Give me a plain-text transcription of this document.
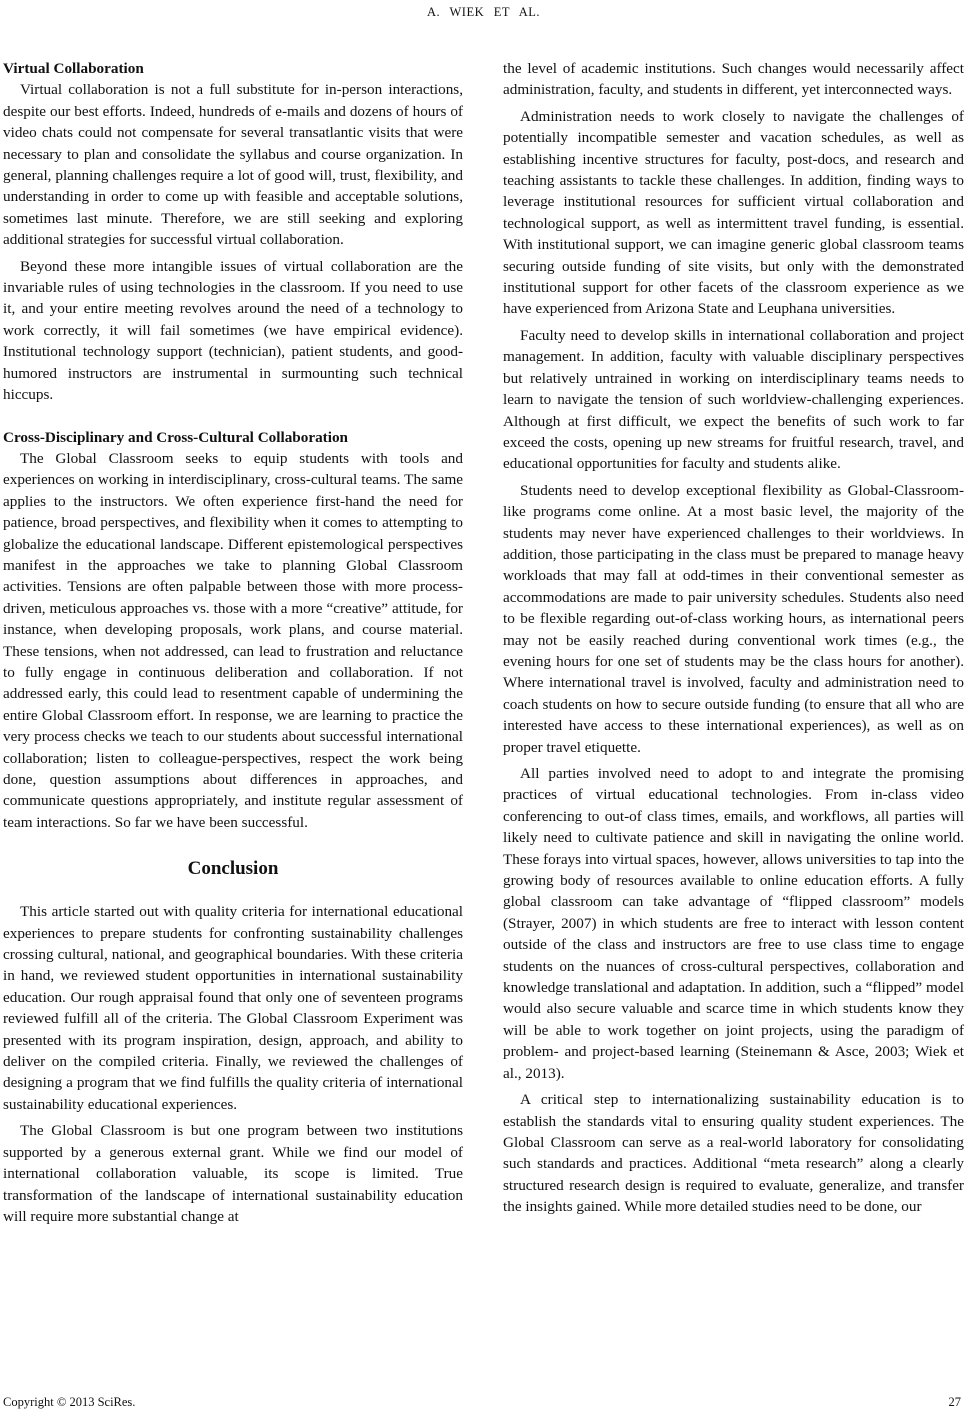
A. WIEK ET AL.
Virtual Collaboration

Virtual collaboration is not a full substitute for in-person interactions, despite our best efforts. Indeed, hundreds of e-mails and dozens of hours of video chats could not compensate for several transatlantic visits that were necessary to plan and consolidate the syllabus and course organization. In general, planning challenges require a lot of good will, trust, flexibility, and understanding in order to come up with feasible and acceptable solutions, sometimes last minute. Therefore, we are still seeking and exploring additional strategies for successful virtual collaboration.

Beyond these more intangible issues of virtual collaboration are the invariable rules of using technologies in the classroom. If you need to use it, and your entire meeting revolves around the need of a technology to work correctly, it will fail sometimes (we have empirical evidence). Institutional technology support (technician), patient students, and good-humored instructors are instrumental in surmounting such technical hiccups.

Cross-Disciplinary and Cross-Cultural Collaboration

The Global Classroom seeks to equip students with tools and experiences on working in interdisciplinary, cross-cultural teams. The same applies to the instructors. We often experience first-hand the need for patience, broad perspectives, and flexibility when it comes to attempting to globalize the educational landscape. Different epistemological perspectives manifest in the approaches we take to planning Global Classroom activities. Tensions are often palpable between those with more process-driven, meticulous approaches vs. those with a more “creative” attitude, for instance, when developing proposals, work plans, and course material. These tensions, when not addressed, can lead to frustration and reluctance to fully engage in continuous deliberation and collaboration. If not addressed early, this could lead to resentment capable of undermining the entire Global Classroom effort. In response, we are learning to practice the very process checks we teach to our students about successful international collaboration; listen to colleague-perspectives, respect the work being done, question assumptions about differences in approaches, and communicate questions appropriately, and institute regular assessment of team interactions. So far we have been successful.

Conclusion

This article started out with quality criteria for international educational experiences to prepare students for confronting sustainability challenges crossing cultural, national, and geographical boundaries. With these criteria in hand, we reviewed student opportunities in international sustainability education. Our rough appraisal found that only one of seventeen programs reviewed fulfill all of the criteria. The Global Classroom Experiment was presented with its program inspiration, design, approach, and ability to deliver on the compiled criteria. Finally, we reviewed the challenges of designing a program that we find fulfills the quality criteria of international sustainability educational experiences.

The Global Classroom is but one program between two institutions supported by a generous external grant. While we find our model of international collaboration valuable, its scope is limited. True transformation of the landscape of international sustainability education will require more substantial change at

the level of academic institutions. Such changes would necessarily affect administration, faculty, and students in different, yet interconnected ways.

Administration needs to work closely to navigate the challenges of potentially incompatible semester and vacation schedules, as well as establishing incentive structures for faculty, post-docs, and research and teaching assistants to tackle these challenges. In addition, finding ways to leverage institutional resources for sufficient virtual collaboration and technological support, as well as intermittent travel funding, is essential. With institutional support, we can imagine generic global classroom teams securing outside funding of site visits, but only with the demonstrated institutional support for other facets of the classroom experience as we have experienced from Arizona State and Leuphana universities.

Faculty need to develop skills in international collaboration and project management. In addition, faculty with valuable disciplinary perspectives but relatively untrained in working on interdisciplinary teams needs to learn to navigate the tension of such worldview-challenging experiences. Although at first difficult, we expect the benefits of such work to far exceed the costs, opening up new streams for fruitful research, travel, and educational opportunities for faculty and students alike.

Students need to develop exceptional flexibility as Global-Classroom-like programs come online. At a most basic level, the majority of the students may never have experienced challenges to their worldviews. In addition, those participating in the class must be prepared to manage heavy workloads that may fall at odd-times in their conventional semester as accommodations are made to pair university schedules. Students also need to be flexible regarding out-of-class working hours, as international peers may not be easily reached during conventional work times (e.g., the evening hours for one set of students may be the class hours for another). Where international travel is involved, faculty and administration need to coach students on how to secure outside funding (to ensure that all who are interested have access to these international experiences), as well as on proper travel etiquette.

All parties involved need to adopt to and integrate the promising practices of virtual educational technologies. From in-class video conferencing to out-of class times, emails, and workflows, all parties will likely need to cultivate patience and skill in navigating the online world. These forays into virtual spaces, however, allows universities to tap into the growing body of resources available to online education efforts. A fully global classroom can take advantage of “flipped classroom” models (Strayer, 2007) in which students are free to interact with lesson content outside of the class and instructors are free to use class time to engage students on the nuances of cross-cultural perspectives, collaboration and knowledge translational and adaptation. In addition, such a “flipped” model would also secure valuable and scarce time in which students know they will be able to work together on joint projects, using the paradigm of problem- and project-based learning (Steinemann & Asce, 2003; Wiek et al., 2013).

A critical step to internationalizing sustainability education is to establish the standards vital to ensuring quality student experiences. The Global Classroom can serve as a real-world laboratory for consolidating such standards and practices. Additional “meta research” along a clearly structured research design is required to evaluate, generalize, and transfer the insights gained. While more detailed studies need to be done, our

Copyright © 2013 SciRes.	27
